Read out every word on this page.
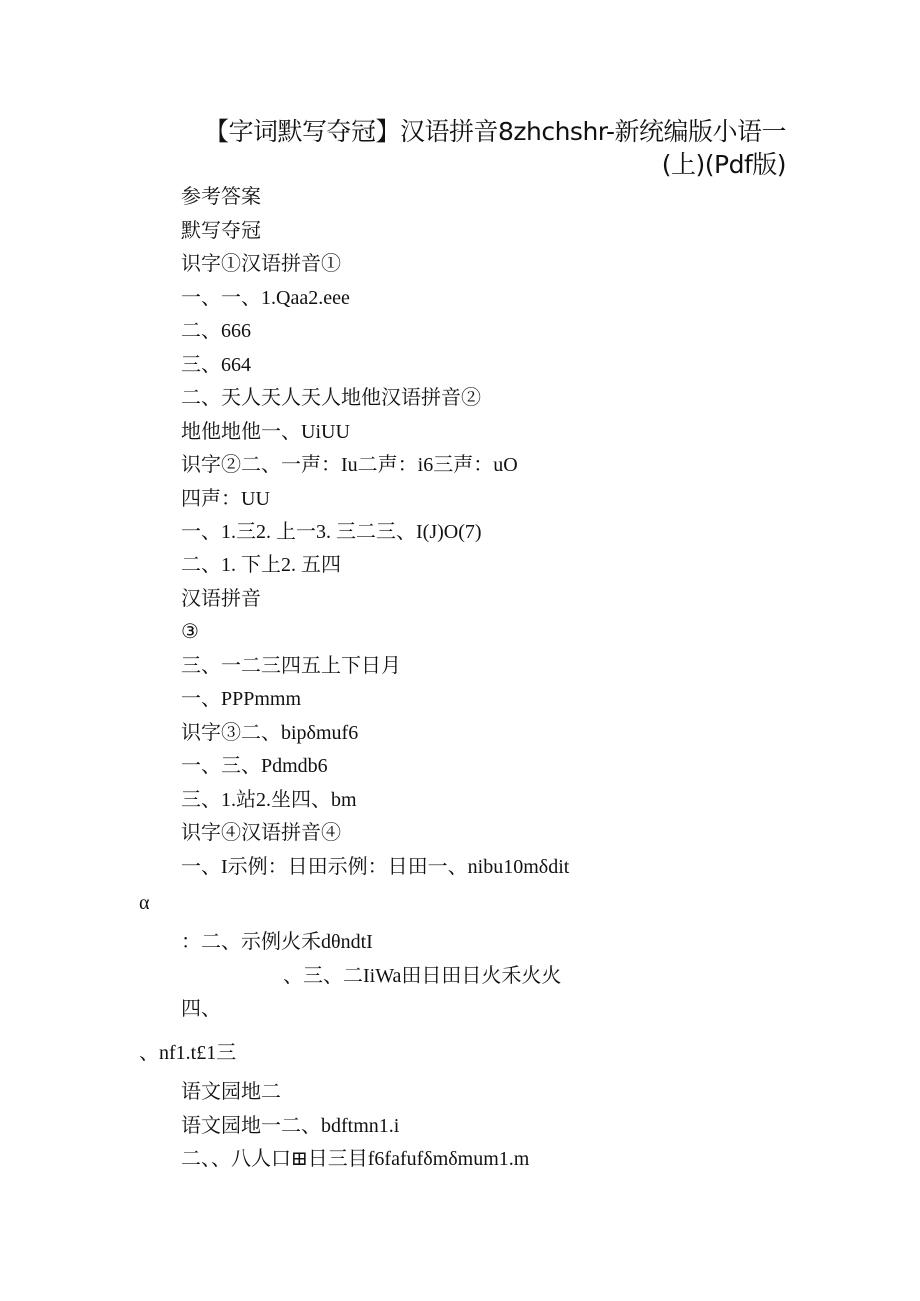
【字词默写夺冠】汉语拼音8zhchshr-新统编版小语一
(上)(Pdf版)
参考答案
默写夺冠
识字①汉语拼音①
一、一、1.Qaa2.eee
二、666
三、664
二、天人天人天人地他汉语拼音②
地他地他一、UiUU
识字②二、一声：Iu二声：i6三声：uO
四声：UU
一、1.三2. 上一3. 三二三、I(J)O(7)
二、1. 下上2. 五四
汉语拼音
③
三、一二三四五上下日月
一、PPPmmm
识字③二、bipδmuf6
一、三、Pdmdb6
三、1.站2.坐四、bm
识字④汉语拼音④
一、I示例：日田示例：日田一、nibu10mδdit
α
：二、示例火禾dθndtI
、三、二IiWa田日田日火禾火火
四、
、nf1.t£1三
语文园地二
语文园地一二、bdftmn1.i
二、、八人口⊞日三目f6fafufδmδmum1.m
